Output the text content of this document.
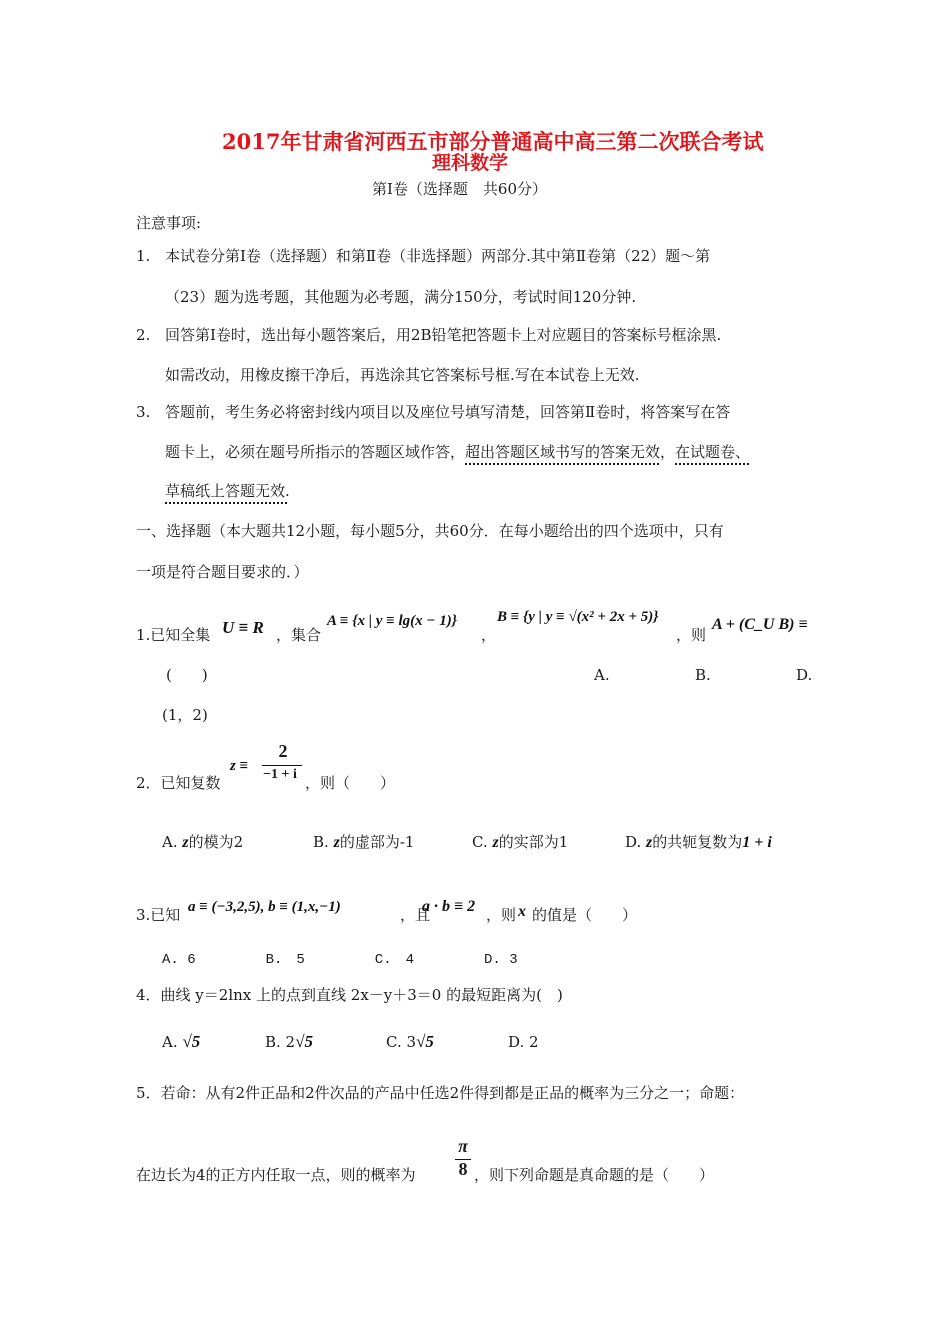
2017年甘肃省河西五市部分普通高中高三第二次联合考试
理科数学
第Ⅰ卷（选择题　共60分）
注意事项:
1. 本试卷分第Ⅰ卷（选择题）和第Ⅱ卷（非选择题）两部分.其中第Ⅱ卷第（22）题～第
（23）题为选考题，其他题为必考题，满分150分，考试时间120分钟.
2. 回答第Ⅰ卷时，选出每小题答案后，用2B铅笔把答题卡上对应题目的答案标号框涂黑.
如需改动，用橡皮擦干净后，再选涂其它答案标号框.写在本试卷上无效.
3. 答题前，考生务必将密封线内项目以及座位号填写清楚，回答第Ⅱ卷时，将答案写在答
题卡上，必须在题号所指示的答题区域作答，超出答题区域书写的答案无效，在试题卷、
草稿纸上答题无效.
一、选择题（本大题共12小题，每小题5分，共60分．在每小题给出的四个选项中，只有
一项是符合题目要求的．）
1.已知全集 U ≡ R ，集合
A ≡ {x | y ≡ lg(x − 1)}
，
B ≡ {y | y ≡ √(x² + 2x + 5)}
，则
A + (C_U B) ≡
(　　)	A.	B.	D.
(1，2)
2．已知复数
z ≡
2
−1 + i ，则（　　）
A. z的模为2	B. z的虚部为-1	C. z的实部为1	D. z的共轭复数为1 + i
3.已知 a ≡ (−3,2,5), b ≡ (1,x,−1)	，且
a · b ≡ 2 ，则 x 的值是（　　）
A. 6　　　　　B.　5　　　　　C.　4　　　　　D. 3
4．曲线 y＝2lnx 上的点到直线 2x－y＋3＝0 的最短距离为(　)
A. √5	B. 2√5	C. 3√5	D. 2
5．若命：从有2件正品和2件次品的产品中任选2件得到都是正品的概率为三分之一；命题：
在边长为4的正方内任取一点，则的概率为
π
8 ，则下列命题是真命题的是（　　）
